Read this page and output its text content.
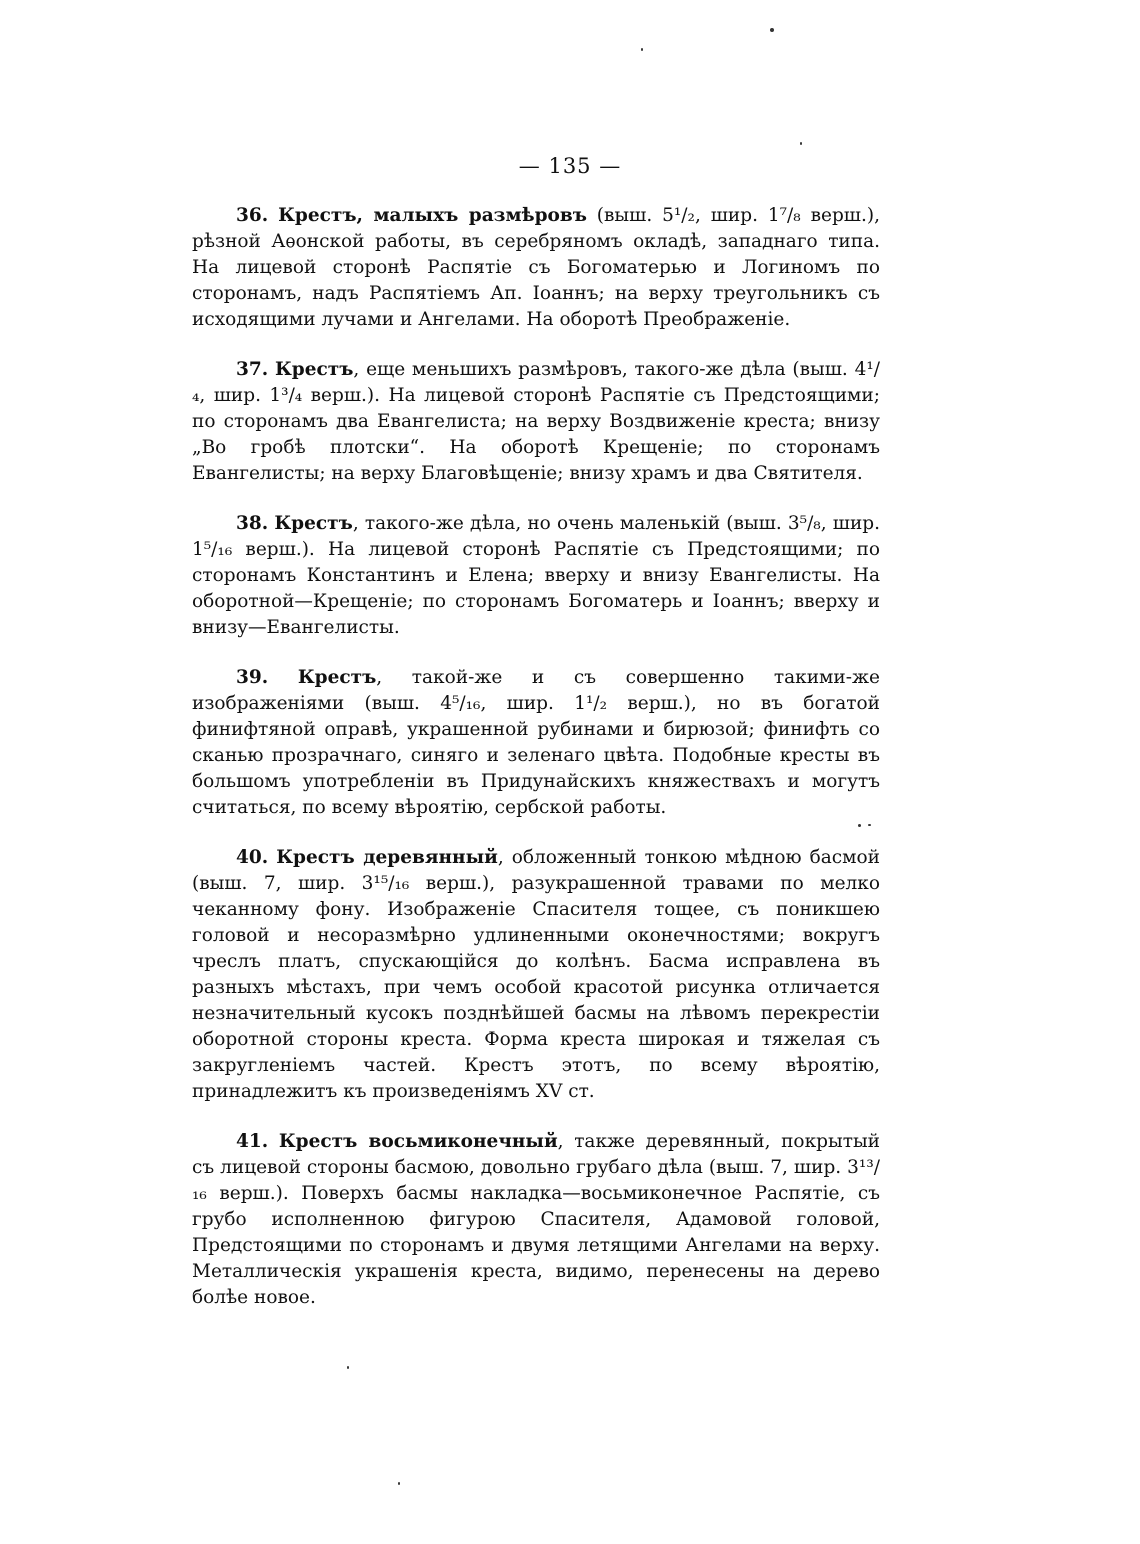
— 135 —

36. Крестъ, малыхъ размѣровъ (выш. 5¹/₂, шир. 1⁷/₈ верш.), рѣзной Аѳонской работы, въ серебряномъ окладѣ, западнаго типа. На лицевой сторонѣ Распятіе съ Богоматерью и Логиномъ по сторонамъ, надъ Распятіемъ Ап. Іоаннъ; на верху треугольникъ съ исходящими лучами и Ангелами. На оборотѣ Преображеніе.

37. Крестъ, еще меньшихъ размѣровъ, такого-же дѣла (выш. 4¹/₄, шир. 1³/₄ верш.). На лицевой сторонѣ Распятіе съ Предстоящими; по сторонамъ два Евангелиста; на верху Воздвиженіе креста; внизу „Во гробѣ плотски“. На оборотѣ Крещеніе; по сторонамъ Евангелисты; на верху Благовѣщеніе; внизу храмъ и два Святителя.

38. Крестъ, такого-же дѣла, но очень маленькій (выш. 3⁵/₈, шир. 1⁵/₁₆ верш.). На лицевой сторонѣ Распятіе съ Предстоящими; по сторонамъ Константинъ и Елена; вверху и внизу Евангелисты. На оборотной—Крещеніе; по сторонамъ Богоматерь и Іоаннъ; вверху и внизу—Евангелисты.

39. Крестъ, такой-же и съ совершенно такими-же изображеніями (выш. 4⁵/₁₆, шир. 1¹/₂ верш.), но въ богатой финифтяной оправѣ, украшенной рубинами и бирюзой; финифть со сканью прозрачнаго, синяго и зеленаго цвѣта. Подобные кресты въ большомъ употребленіи въ Придунайскихъ княжествахъ и могутъ считаться, по всему вѣроятію, сербской работы.

40. Крестъ деревянный, обложенный тонкою мѣдною басмой (выш. 7, шир. 3¹⁵/₁₆ верш.), разукрашенной травами по мелко чеканному фону. Изображеніе Спасителя тощее, съ поникшею головой и несоразмѣрно удлиненными оконечностями; вокругъ чреслъ платъ, спускающійся до колѣнъ. Басма исправлена въ разныхъ мѣстахъ, при чемъ особой красотой рисунка отличается незначительный кусокъ позднѣйшей басмы на лѣвомъ перекрестіи оборотной стороны креста. Форма креста широкая и тяжелая съ закругленіемъ частей. Крестъ этотъ, по всему вѣроятію, принадлежитъ къ произведеніямъ XV ст.

41. Крестъ восьмиконечный, также деревянный, покрытый съ лицевой стороны басмою, довольно грубаго дѣла (выш. 7, шир. 3¹³/₁₆ верш.). Поверхъ басмы накладка—восьмиконечное Распятіе, съ грубо исполненною фигурою Спасителя, Адамовой головой, Предстоящими по сторонамъ и двумя летящими Ангелами на верху. Металлическія украшенія креста, видимо, перенесены на дерево болѣе новое.
